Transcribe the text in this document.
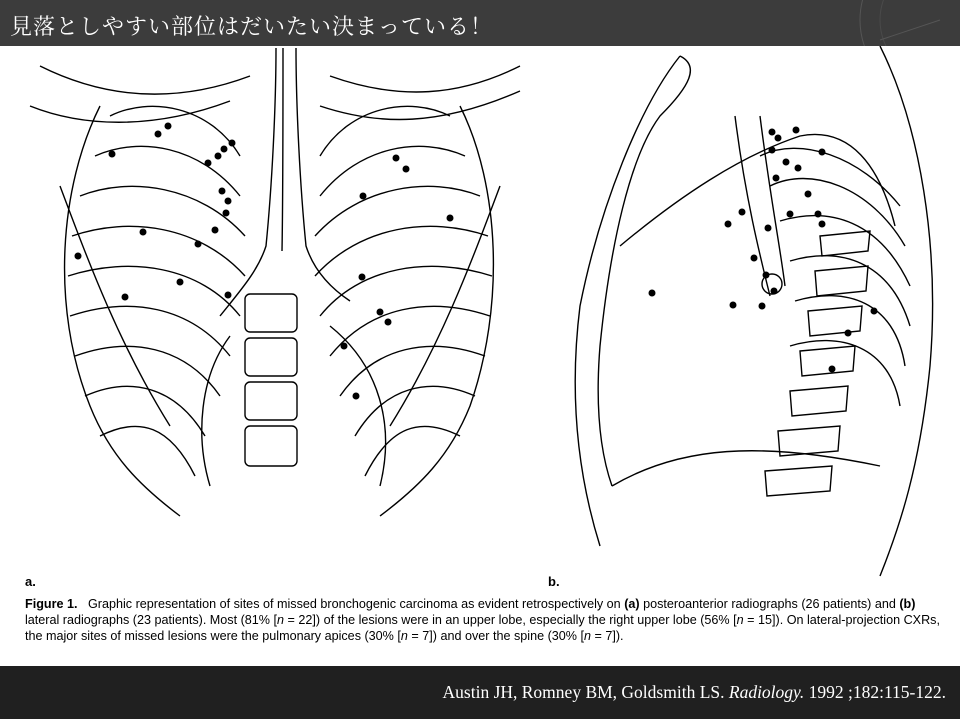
見落としやすい部位はだいたい決まっている！
a.	b.
Figure 1. Graphic representation of sites of missed bronchogenic carcinoma as evident retrospectively on (a) posteroanterior radiographs (26 patients) and (b) lateral radiographs (23 patients). Most (81% [n = 22]) of the lesions were in an upper lobe, especially the right upper lobe (56% [n = 15]). On lateral-projection CXRs, the major sites of missed lesions were the pulmonary apices (30% [n = 7]) and over the spine (30% [n = 7]).
Austin JH, Romney BM, Goldsmith LS. Radiology. 1992 ;182:115-122.
